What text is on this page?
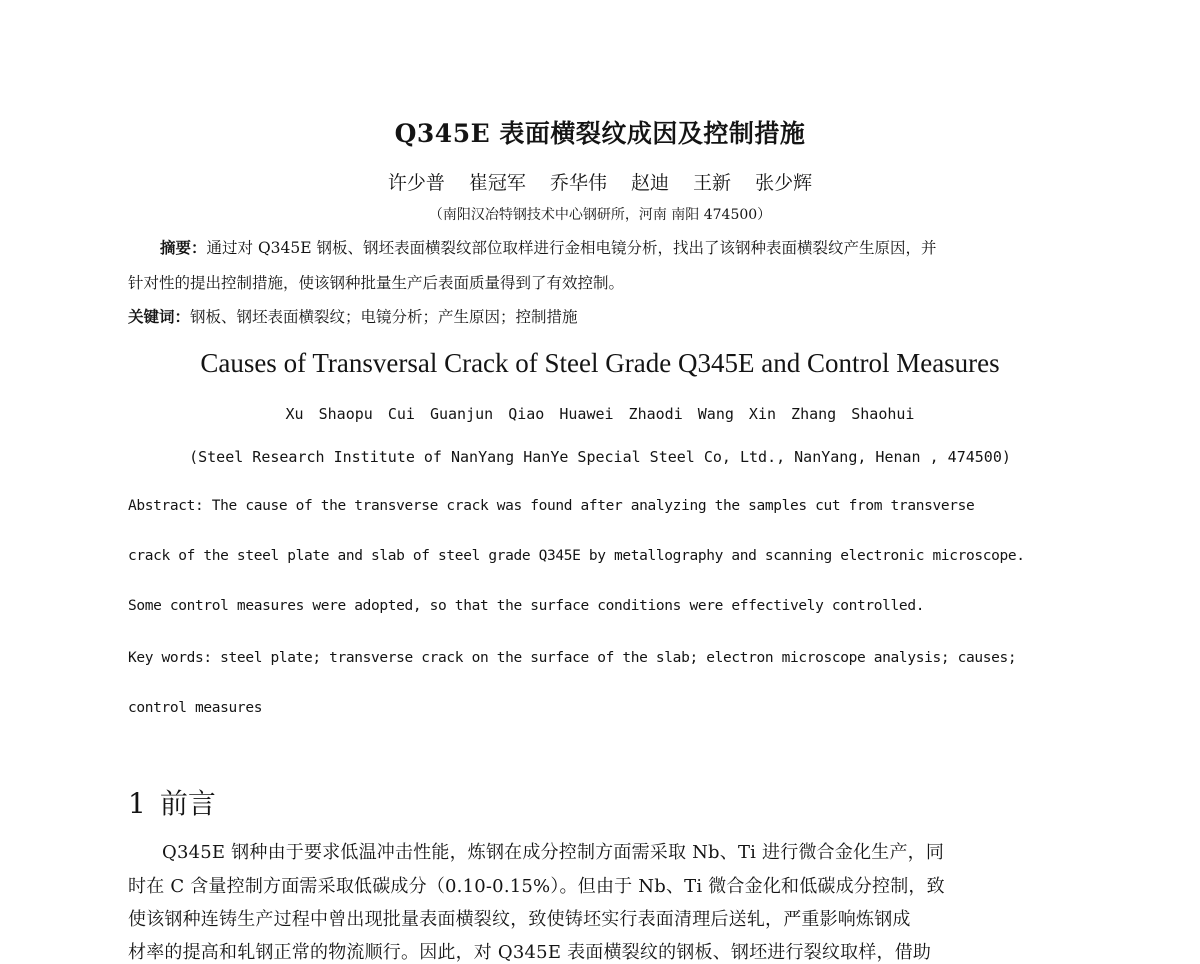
Q345E 表面横裂纹成因及控制措施
许少普 崔冠军 乔华伟 赵迪 王新 张少辉
（南阳汉冶特钢技术中心钢研所，河南 南阳 474500）
摘要：通过对 Q345E 钢板、钢坯表面横裂纹部位取样进行金相电镜分析，找出了该钢种表面横裂纹产生原因，并
针对性的提出控制措施，使该钢种批量生产后表面质量得到了有效控制。
关键词：钢板、钢坯表面横裂纹；电镜分析；产生原因；控制措施
Causes of Transversal Crack of Steel Grade Q345E and Control Measures
Xu Shaopu Cui Guanjun Qiao Huawei Zhaodi Wang Xin Zhang Shaohui
(Steel Research Institute of NanYang HanYe Special Steel Co, Ltd., NanYang, Henan , 474500)
Abstract: The cause of the transverse crack was found after analyzing the samples cut from transverse
crack of the steel plate and slab of steel grade Q345E by metallography and scanning electronic microscope.
Some control measures were adopted, so that the surface conditions were effectively controlled.
Key words: steel plate; transverse crack on the surface of the slab; electron microscope analysis; causes;
control measures
1 前言
Q345E 钢种由于要求低温冲击性能，炼钢在成分控制方面需采取 Nb、Ti 进行微合金化生产，同
时在 C 含量控制方面需采取低碳成分（0.10-0.15%）。但由于 Nb、Ti 微合金化和低碳成分控制，致
使该钢种连铸生产过程中曾出现批量表面横裂纹，致使铸坯实行表面清理后送轧，严重影响炼钢成
材率的提高和轧钢正常的物流顺行。因此，对 Q345E 表面横裂纹的钢板、钢坯进行裂纹取样，借助
